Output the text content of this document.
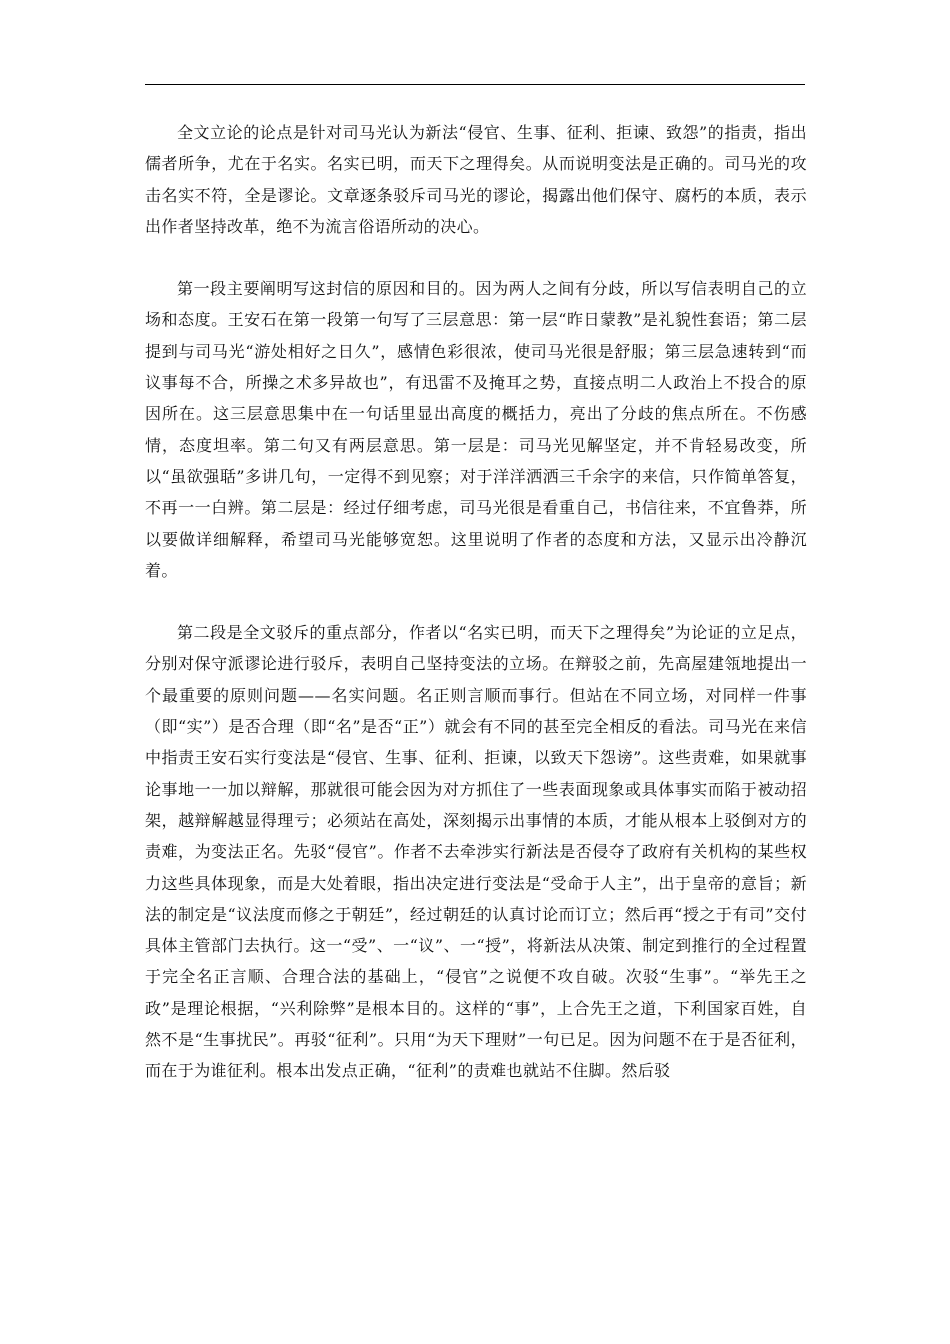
全文立论的论点是针对司马光认为新法“侵官、生事、征利、拒谏、致怨”的指责，指出儒者所争，尤在于名实。名实已明，而天下之理得矣。从而说明变法是正确的。司马光的攻击名实不符，全是谬论。文章逐条驳斥司马光的谬论，揭露出他们保守、腐朽的本质，表示出作者坚持改革，绝不为流言俗语所动的决心。

第一段主要阐明写这封信的原因和目的。因为两人之间有分歧，所以写信表明自己的立场和态度。王安石在第一段第一句写了三层意思：第一层“昨日蒙教”是礼貌性套语；第二层提到与司马光“游处相好之日久”，感情色彩很浓，使司马光很是舒服；第三层急速转到“而议事每不合，所操之术多异故也”，有迅雷不及掩耳之势，直接点明二人政治上不投合的原因所在。这三层意思集中在一句话里显出高度的概括力，亮出了分歧的焦点所在。不伤感情，态度坦率。第二句又有两层意思。第一层是：司马光见解坚定，并不肯轻易改变，所以“虽欲强聒”多讲几句，一定得不到见察；对于洋洋洒洒三千余字的来信，只作简单答复，不再一一白辨。第二层是：经过仔细考虑，司马光很是看重自己，书信往来，不宜鲁莽，所以要做详细解释，希望司马光能够宽恕。这里说明了作者的态度和方法，又显示出冷静沉着。

第二段是全文驳斥的重点部分，作者以“名实已明，而天下之理得矣”为论证的立足点，分别对保守派谬论进行驳斥，表明自己坚持变法的立场。在辩驳之前，先高屋建瓴地提出一个最重要的原则问题——名实问题。名正则言顺而事行。但站在不同立场，对同样一件事（即“实”）是否合理（即“名”是否“正”）就会有不同的甚至完全相反的看法。司马光在来信中指责王安石实行变法是“侵官、生事、征利、拒谏，以致天下怨谤”。这些责难，如果就事论事地一一加以辩解，那就很可能会因为对方抓住了一些表面现象或具体事实而陷于被动招架，越辩解越显得理亏；必须站在高处，深刻揭示出事情的本质，才能从根本上驳倒对方的责难，为变法正名。先驳“侵官”。作者不去牵涉实行新法是否侵夺了政府有关机构的某些权力这些具体现象，而是大处着眼，指出决定进行变法是“受命于人主”，出于皇帝的意旨；新法的制定是“议法度而修之于朝廷”，经过朝廷的认真讨论而订立；然后再“授之于有司”交付具体主管部门去执行。这一“受”、一“议”、一“授”，将新法从决策、制定到推行的全过程置于完全名正言顺、合理合法的基础上，“侵官”之说便不攻自破。次驳“生事”。“举先王之政”是理论根据，“兴利除弊”是根本目的。这样的“事”，上合先王之道，下利国家百姓，自然不是“生事扰民”。再驳“征利”。只用“为天下理财”一句已足。因为问题不在于是否征利，而在于为谁征利。根本出发点正确，“征利”的责难也就站不住脚。然后驳
